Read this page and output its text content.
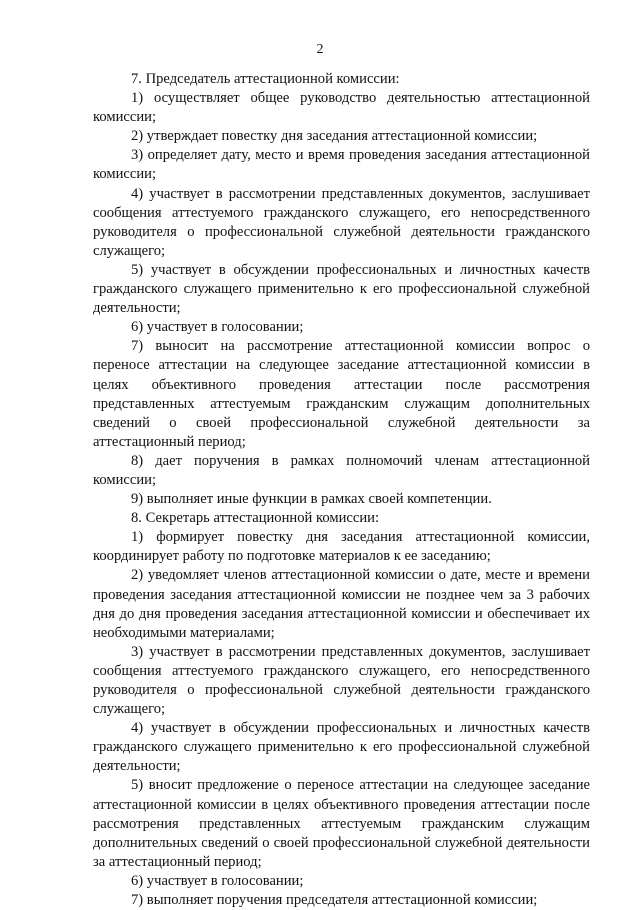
2

7. Председатель аттестационной комиссии:

1) осуществляет общее руководство деятельностью аттестационной комиссии;

2) утверждает повестку дня заседания аттестационной комиссии;

3) определяет дату, место и время проведения заседания аттестационной комиссии;

4) участвует в рассмотрении представленных документов, заслушивает сообщения аттестуемого гражданского служащего, его непосредственного руководителя о профессиональной служебной деятельности гражданского служащего;

5) участвует в обсуждении профессиональных и личностных качеств гражданского служащего применительно к его профессиональной служебной деятельности;

6) участвует в голосовании;

7) выносит на рассмотрение аттестационной комиссии вопрос о переносе аттестации на следующее заседание аттестационной комиссии в целях объективного проведения аттестации после рассмотрения представленных аттестуемым гражданским служащим дополнительных сведений о своей профессиональной служебной деятельности за аттестационный период;

8) дает поручения в рамках полномочий членам аттестационной комиссии;

9) выполняет иные функции в рамках своей компетенции.

8. Секретарь аттестационной комиссии:

1) формирует повестку дня заседания аттестационной комиссии, координирует работу по подготовке материалов к ее заседанию;

2) уведомляет членов аттестационной комиссии о дате, месте и времени проведения заседания аттестационной комиссии не позднее чем за 3 рабочих дня до дня проведения заседания аттестационной комиссии и обеспечивает их необходимыми материалами;

3) участвует в рассмотрении представленных документов, заслушивает сообщения аттестуемого гражданского служащего, его непосредственного руководителя о профессиональной служебной деятельности гражданского служащего;

4) участвует в обсуждении профессиональных и личностных качеств гражданского служащего применительно к его профессиональной служебной деятельности;

5) вносит предложение о переносе аттестации на следующее заседание аттестационной комиссии в целях объективного проведения аттестации после рассмотрения представленных аттестуемым гражданским служащим дополнительных сведений о своей профессиональной служебной деятельности за аттестационный период;

6) участвует в голосовании;

7) выполняет поручения председателя аттестационной комиссии;
